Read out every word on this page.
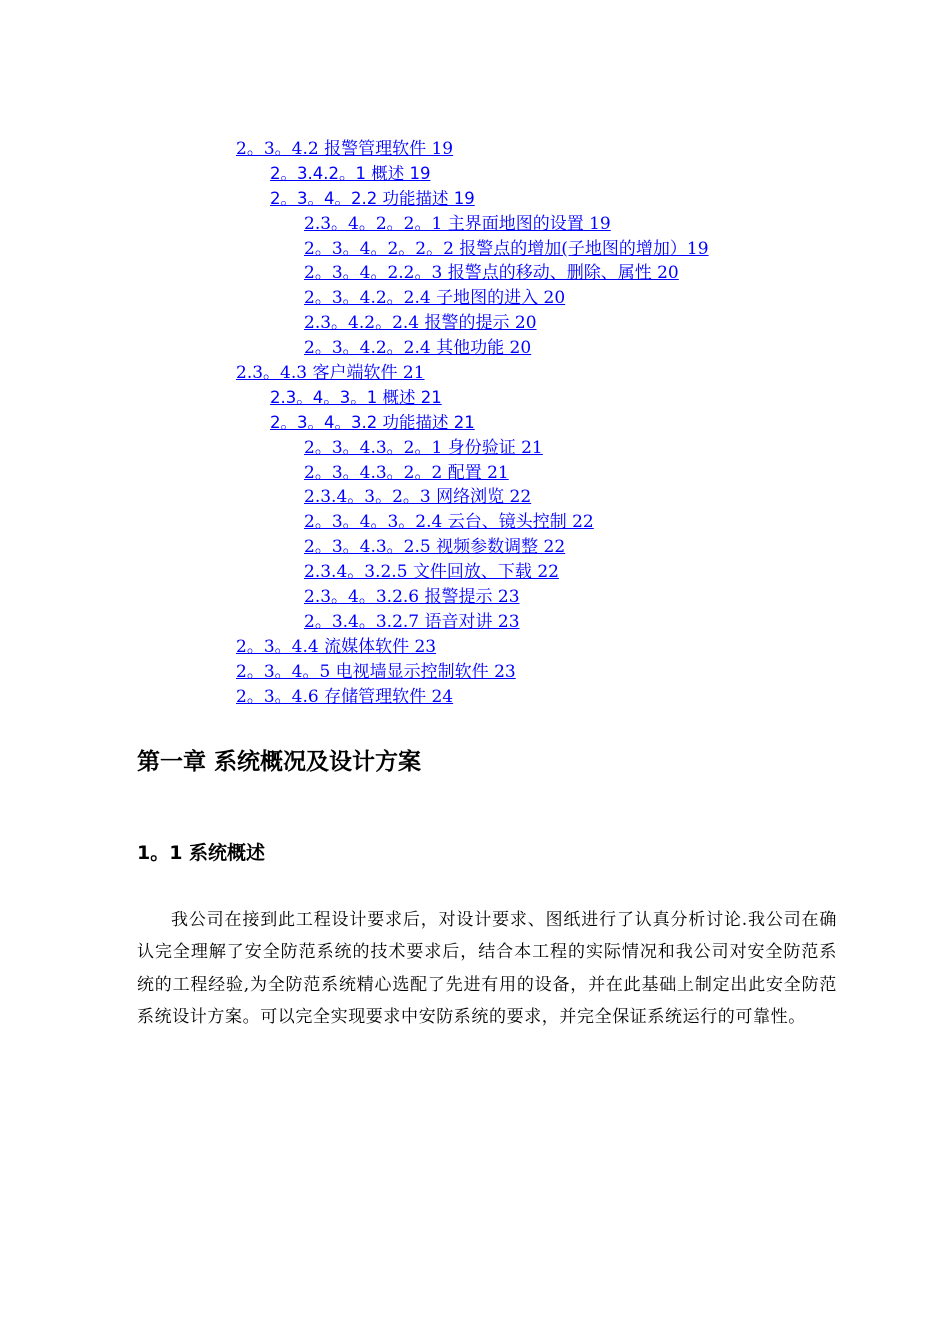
2。3。4.2 报警管理软件 19
2。3.4.2。1 概述 19
2。3。4。2.2 功能描述 19
2.3。4。2。2。1 主界面地图的设置 19
2。3。4。2。2。2 报警点的增加(子地图的增加）19
2。3。4。2.2。3 报警点的移动、删除、属性 20
2。3。4.2。2.4 子地图的进入 20
2.3。4.2。2.4 报警的提示 20
2。3。4.2。2.4 其他功能 20
2.3。4.3 客户端软件 21
2.3。4。3。1 概述 21
2。3。4。3.2 功能描述 21
2。3。4.3。2。1 身份验证 21
2。3。4.3。2。2 配置 21
2.3.4。3。2。3 网络浏览 22
2。3。4。3。2.4 云台、镜头控制 22
2。3。4.3。2.5 视频参数调整 22
2.3.4。3.2.5 文件回放、下载 22
2.3。4。3.2.6 报警提示 23
2。3.4。3.2.7 语音对讲 23
2。3。4.4 流媒体软件 23
2。3。4。5 电视墙显示控制软件 23
2。3。4.6 存储管理软件 24
第一章 系统概况及设计方案
1。1 系统概述

我公司在接到此工程设计要求后，对设计要求、图纸进行了认真分析讨论.我公司在确认完全理解了安全防范系统的技术要求后，结合本工程的实际情况和我公司对安全防范系统的工程经验,为全防范系统精心选配了先进有用的设备，并在此基础上制定出此安全防范系统设计方案。可以完全实现要求中安防系统的要求，并完全保证系统运行的可靠性。
